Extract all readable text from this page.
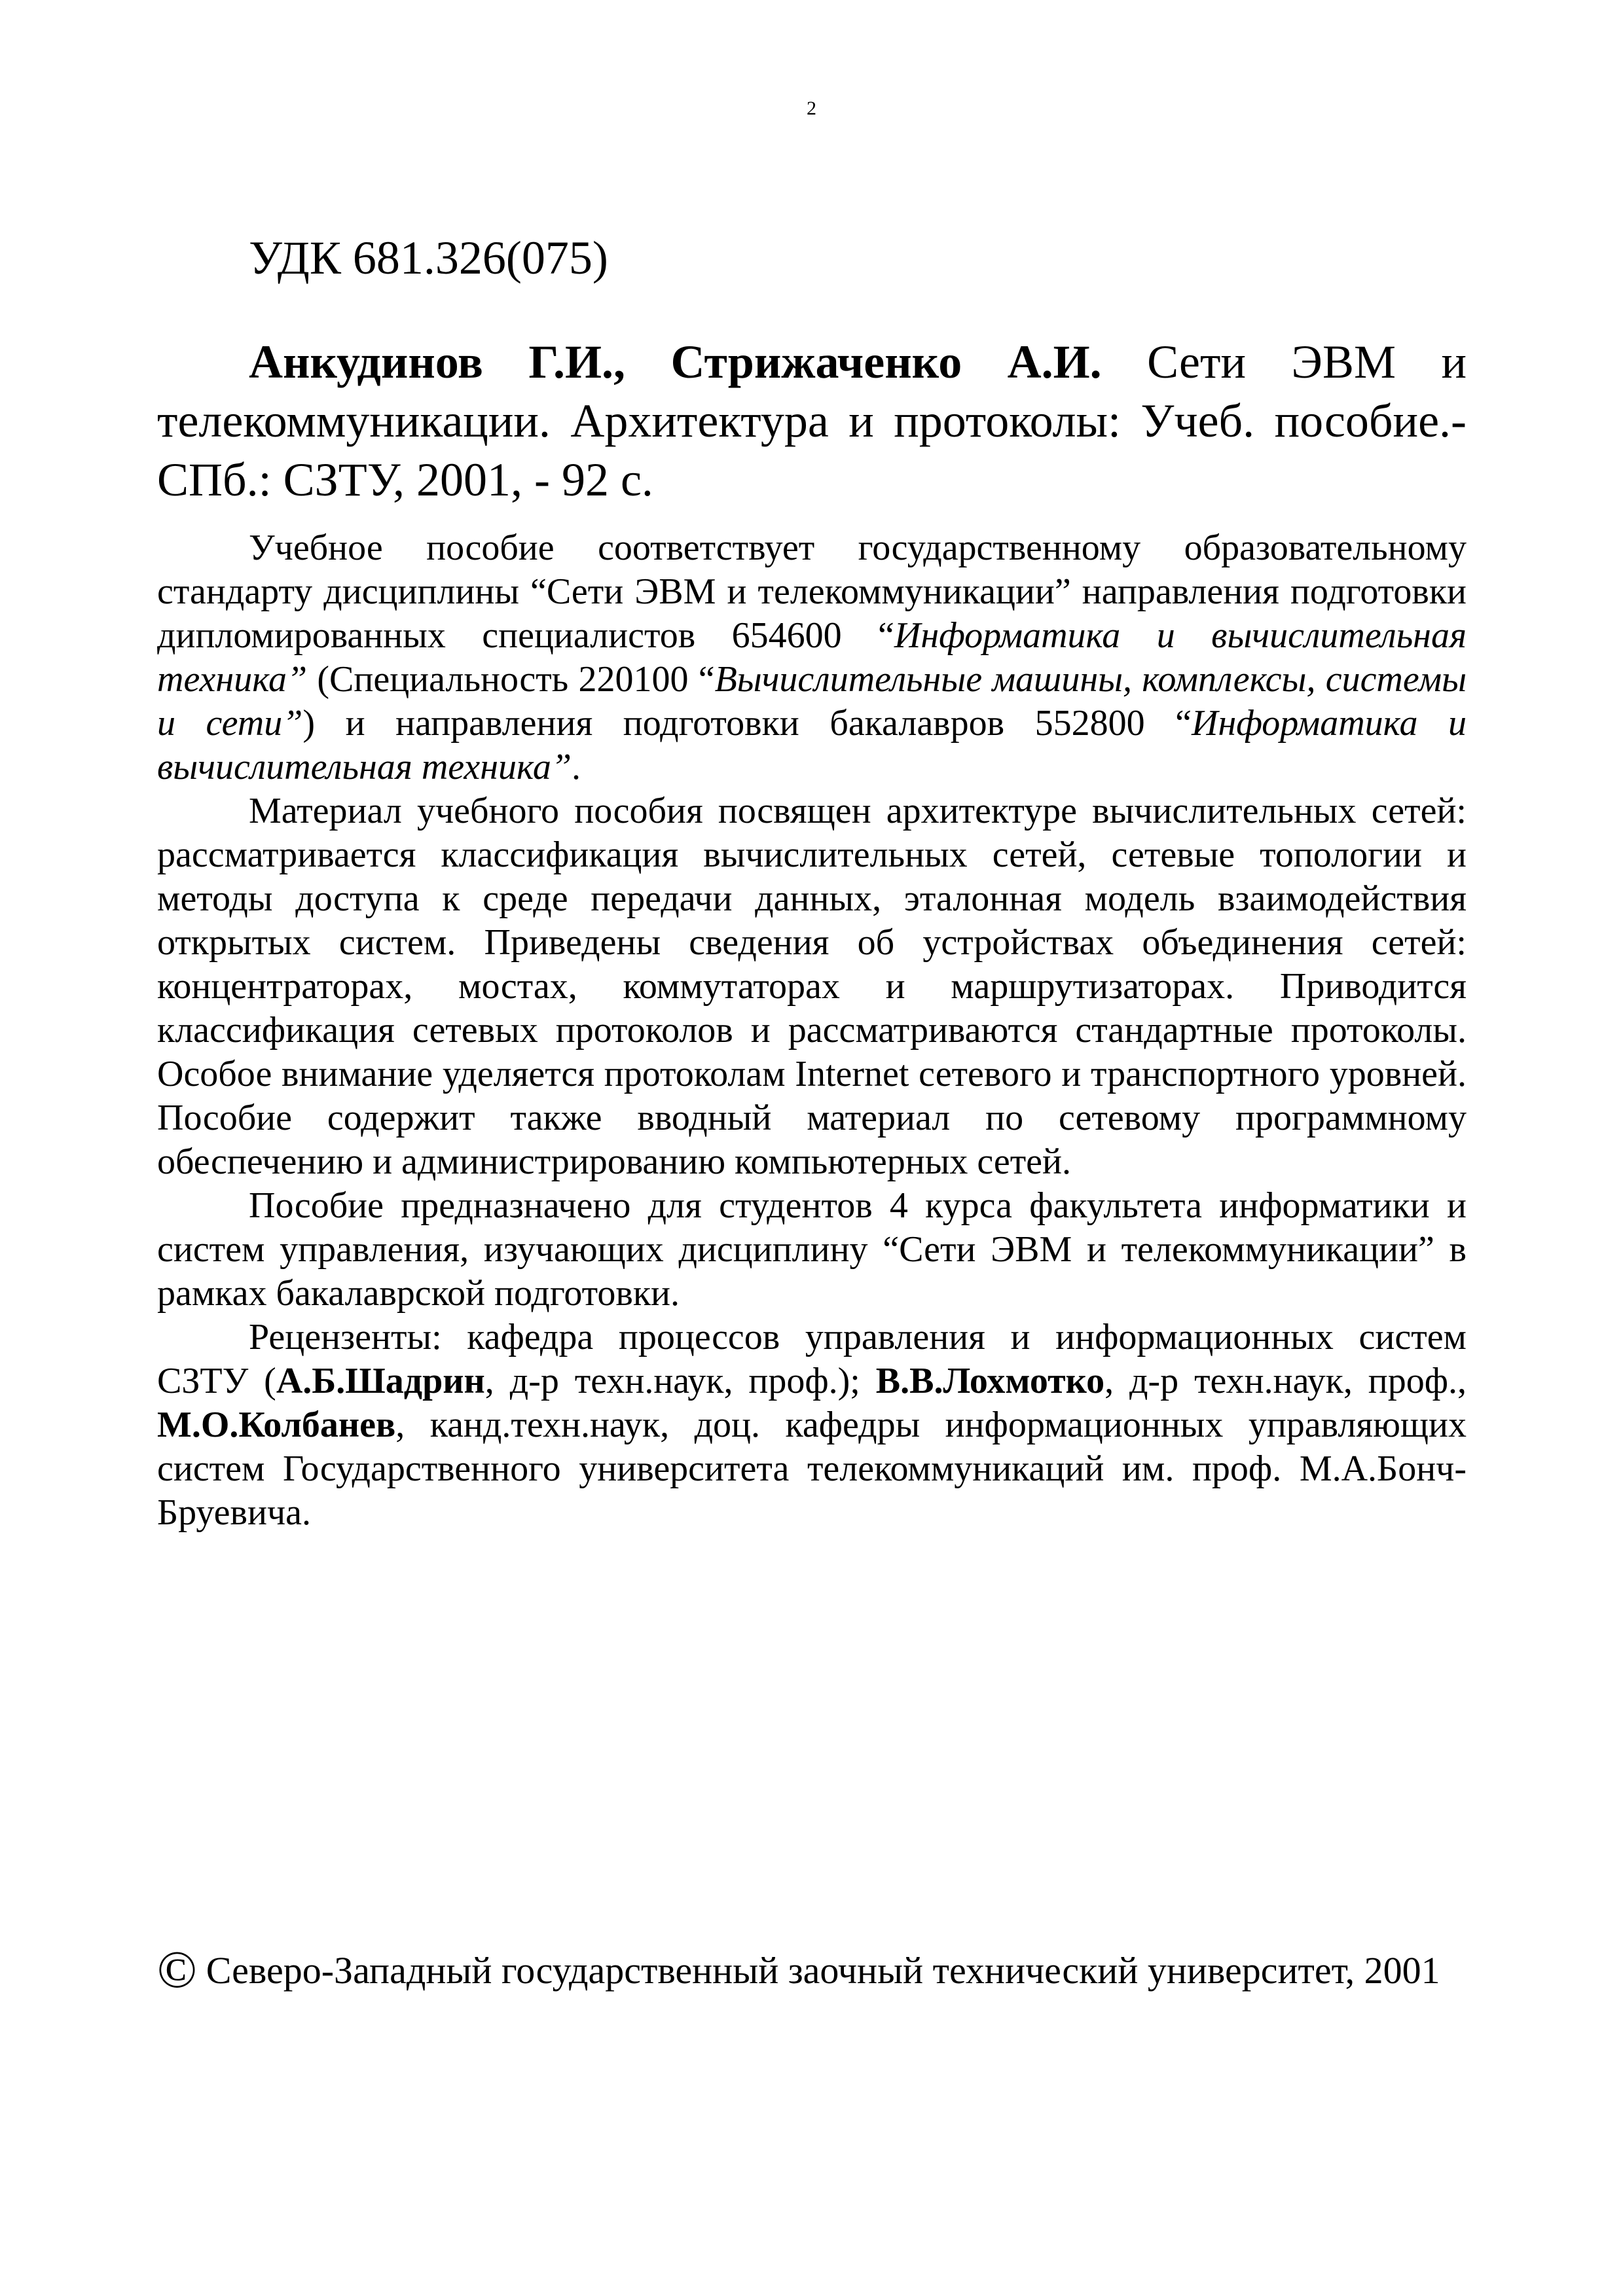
2
УДК 681.326(075)

Анкудинов Г.И., Стрижаченко А.И. Сети ЭВМ и телекоммуникации. Архитектура и протоколы: Учеб. пособие.- СПб.: СЗТУ, 2001, - 92 с.

Учебное пособие соответствует государственному образовательному стандарту дисциплины “Сети ЭВМ и телекоммуникации” направления подготовки дипломированных специалистов 654600 “Информатика и вычислительная техника” (Специальность 220100 “Вычислительные машины, комплексы, системы и сети”) и направления подготовки бакалавров 552800 “Информатика и вычислительная техника”.

Материал учебного пособия посвящен архитектуре вычислительных сетей: рассматривается классификация вычислительных сетей, сетевые топологии и методы доступа к среде передачи данных, эталонная модель взаимодействия открытых систем. Приведены сведения об устройствах объединения сетей: концентраторах, мостах, коммутаторах и маршрутизаторах. Приводится классификация сетевых протоколов и рассматриваются стандартные протоколы. Особое внимание уделяется протоколам Internet сетевого и транспортного уровней. Пособие содержит также вводный материал по сетевому программному обеспечению и администрированию компьютерных сетей.

Пособие предназначено для студентов 4 курса факультета информатики и систем управления, изучающих дисциплину “Сети ЭВМ и телекоммуникации” в рамках бакалаврской подготовки.

Рецензенты: кафедра процессов управления и информационных систем СЗТУ (А.Б.Шадрин, д-р техн.наук, проф.); В.В.Лохмотко, д-р техн.наук, проф., М.О.Колбанев, канд.техн.наук, доц. кафедры информационных управляющих систем Государственного университета телекоммуникаций им. проф. М.А.Бонч-Бруевича.

© Северо-Западный государственный заочный технический университет, 2001
